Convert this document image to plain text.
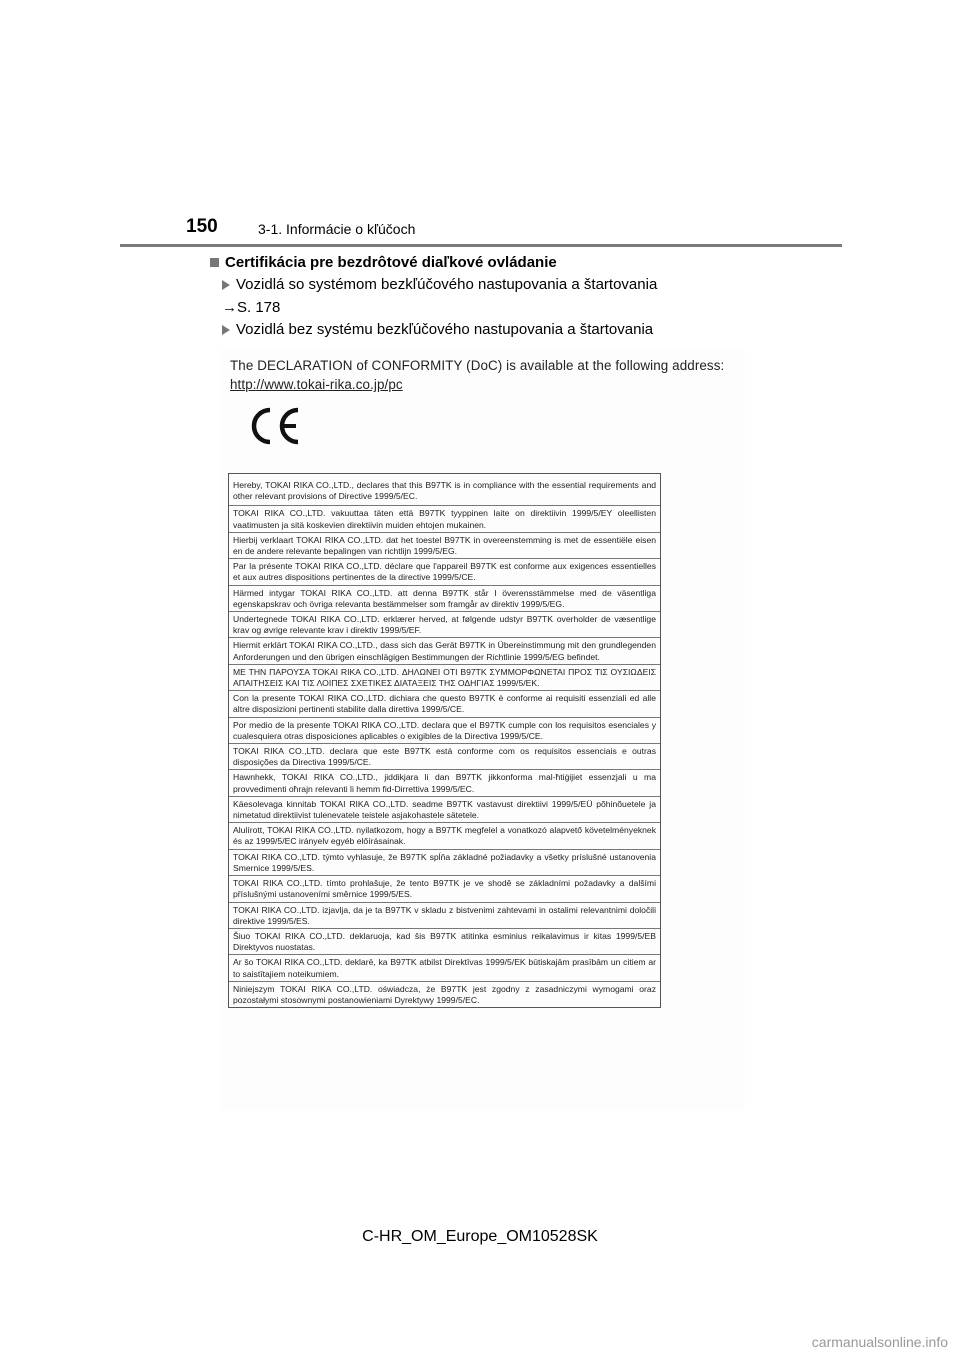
150	3-1. Informácie o kľúčoch
Certifikácia pre bezdrôtové diaľkové ovládanie
Vozidlá so systémom bezkľúčového nastupovania a štartovania
→S. 178
Vozidlá bez systému bezkľúčového nastupovania a štartovania
The DECLARATION of CONFORMITY (DoC) is available at the following address:
http://www.tokai-rika.co.jp/pc
Hereby, TOKAI RIKA CO.,LTD., declares that this B97TK is in compliance with the essential requirements and other relevant provisions of Directive 1999/5/EC.
TOKAI RIKA CO.,LTD. vakuuttaa täten että B97TK tyyppinen laite on direktiivin 1999/5/EY oleellisten vaatimusten ja sitä koskevien direktiivin muiden ehtojen mukainen.
Hierbij verklaart TOKAI RIKA CO.,LTD. dat het toestel B97TK in overeenstemming is met de essentiële eisen en de andere relevante bepalingen van richtlijn 1999/5/EG.
Par la présente TOKAI RIKA CO.,LTD. déclare que l'appareil B97TK est conforme aux exigences essentielles et aux autres dispositions pertinentes de la directive 1999/5/CE.
Härmed intygar TOKAI RIKA CO.,LTD. att denna B97TK står I överensstämmelse med de väsentliga egenskapskrav och övriga relevanta bestämmelser som framgår av direktiv 1999/5/EG.
Undertegnede TOKAI RIKA CO.,LTD. erklærer herved, at følgende udstyr B97TK overholder de væsentlige krav og øvrige relevante krav i direktiv 1999/5/EF.
Hiermit erklärt TOKAI RIKA CO.,LTD., dass sich das Gerät B97TK in Übereinstimmung mit den grundlegenden Anforderungen und den übrigen einschlägigen Bestimmungen der Richtlinie 1999/5/EG befindet.
ΜΕ ΤΗΝ ΠΑΡΟΥΣΑ TOKAI RIKA CO.,LTD. ΔΗΛΩΝΕΙ ΟΤΙ B97TK ΣΥΜΜΟΡΦΩΝΕΤΑΙ ΠΡΟΣ ΤΙΣ ΟΥΣΙΩΔΕΙΣ ΑΠΑΙΤΗΣΕΙΣ ΚΑΙ ΤΙΣ ΛΟΙΠΕΣ ΣΧΕΤΙΚΕΣ ΔΙΑΤΑΞΕΙΣ ΤΗΣ ΟΔΗΓΙΑΣ 1999/5/ΕΚ.
Con la presente TOKAI RIKA CO.,LTD. dichiara che questo B97TK è conforme ai requisiti essenziali ed alle altre disposizioni pertinenti stabilite dalla direttiva 1999/5/CE.
Por medio de la presente TOKAI RIKA CO.,LTD. declara que el B97TK cumple con los requisitos esenciales y cualesquiera otras disposiciones aplicables o exigibles de la Directiva 1999/5/CE.
TOKAI RIKA CO.,LTD. declara que este B97TK está conforme com os requisitos essenciais e outras disposições da Directiva 1999/5/CE.
Hawnhekk, TOKAI RIKA CO.,LTD., jiddikjara li dan B97TK jikkonforma mal-ħtiġijiet essenzjali u ma provvedimenti oħrajn relevanti li hemm fid-Dirrettiva 1999/5/EC.
Käesolevaga kinnitab TOKAI RIKA CO.,LTD. seadme B97TK vastavust direktiivi 1999/5/EÜ põhinõuetele ja nimetatud direktiivist tulenevatele teistele asjakohastele sätetele.
Alulírott, TOKAI RIKA CO.,LTD. nyilatkozom, hogy a B97TK megfelel a vonatkozó alapvető követelményeknek és az 1999/5/EC irányelv egyéb előírásainak.
TOKAI RIKA CO.,LTD. týmto vyhlasuje, že B97TK spĺňa základné požiadavky a všetky príslušné ustanovenia Smernice 1999/5/ES.
TOKAI RIKA CO.,LTD. tímto prohlašuje, že tento B97TK je ve shodě se základními požadavky a dalšími příslušnými ustanoveními směrnice 1999/5/ES.
TOKAI RIKA CO.,LTD. izjavlja, da je ta B97TK v skladu z bistvenimi zahtevami in ostalimi relevantnimi določili direktive 1999/5/ES.
Šiuo TOKAI RIKA CO.,LTD. deklaruoja, kad šis B97TK atitinka esminius reikalavimus ir kitas 1999/5/EB Direktyvos nuostatas.
Ar šo TOKAI RIKA CO.,LTD. deklarē, ka B97TK atbilst Direktīvas 1999/5/EK būtiskajām prasībām un citiem ar to saistītajiem noteikumiem.
Niniejszym TOKAI RIKA CO.,LTD. oświadcza, że B97TK jest zgodny z zasadniczymi wymogami oraz pozostałymi stosownymi postanowieniami Dyrektywy 1999/5/EC.
C-HR_OM_Europe_OM10528SK
carmanualsonline.info
